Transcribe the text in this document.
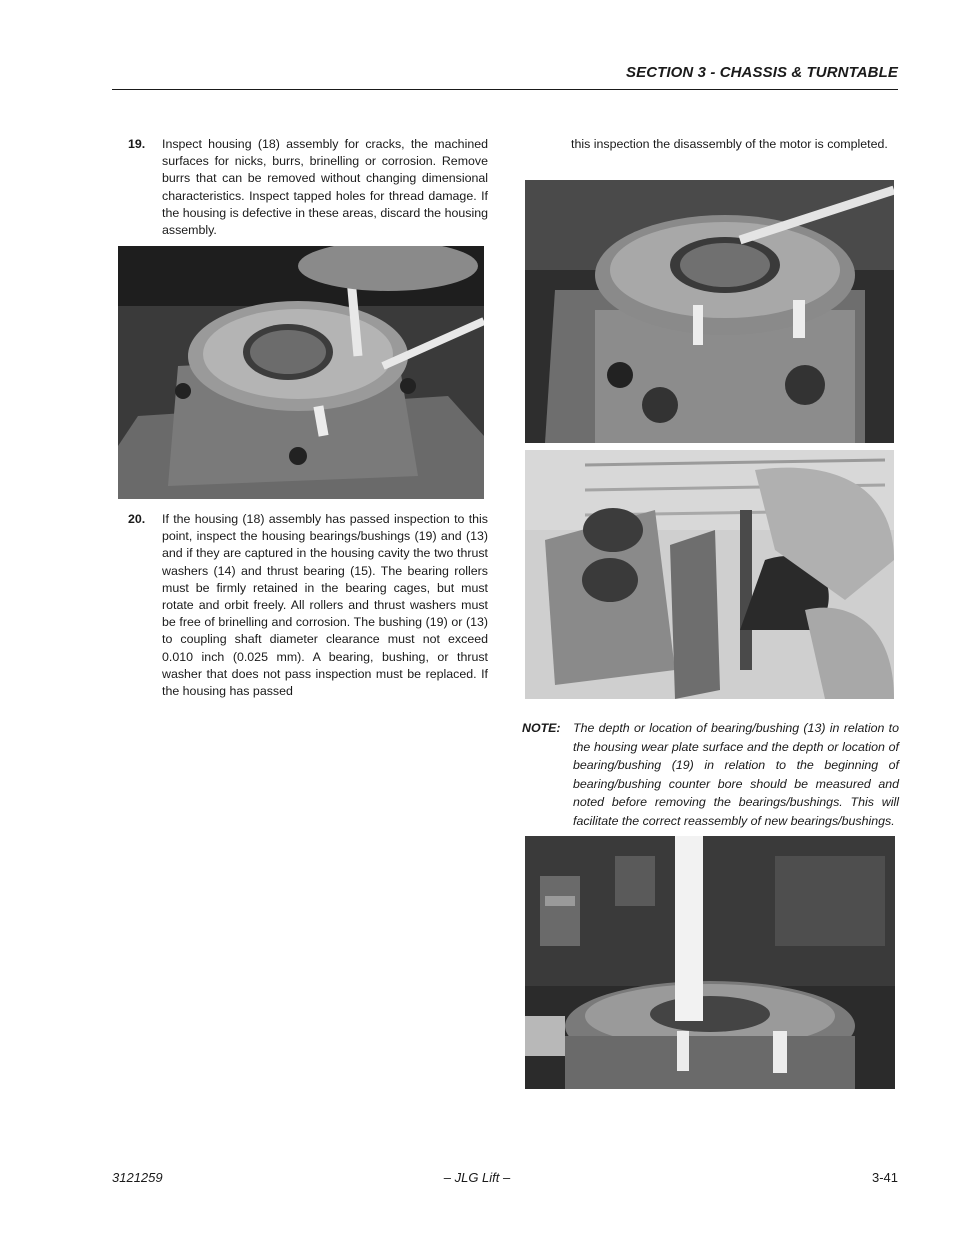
SECTION 3 - CHASSIS & TURNTABLE
19. Inspect housing (18) assembly for cracks, the machined surfaces for nicks, burrs, brinelling or corrosion. Remove burrs that can be removed without changing dimensional characteristics. Inspect tapped holes for thread damage. If the housing is defective in these areas, discard the housing assembly.
20. If the housing (18) assembly has passed inspection to this point, inspect the housing bearings/bushings (19) and (13) and if they are captured in the housing cavity the two thrust washers (14) and thrust bearing (15). The bearing rollers must be firmly retained in the bearing cages, but must rotate and orbit freely. All rollers and thrust washers must be free of brinelling and corrosion. The bushing (19) or (13) to coupling shaft diameter clearance must not exceed 0.010 inch (0.025 mm). A bearing, bushing, or thrust washer that does not pass inspection must be replaced. If the housing has passed
this inspection the disassembly of the motor is completed.
NOTE: The depth or location of bearing/bushing (13) in relation to the housing wear plate surface and the depth or location of bearing/bushing (19) in relation to the beginning of bearing/bushing counter bore should be measured and noted before removing the bearings/bushings. This will facilitate the correct reassembly of new bearings/bushings.
3121259	– JLG Lift –	3-41
